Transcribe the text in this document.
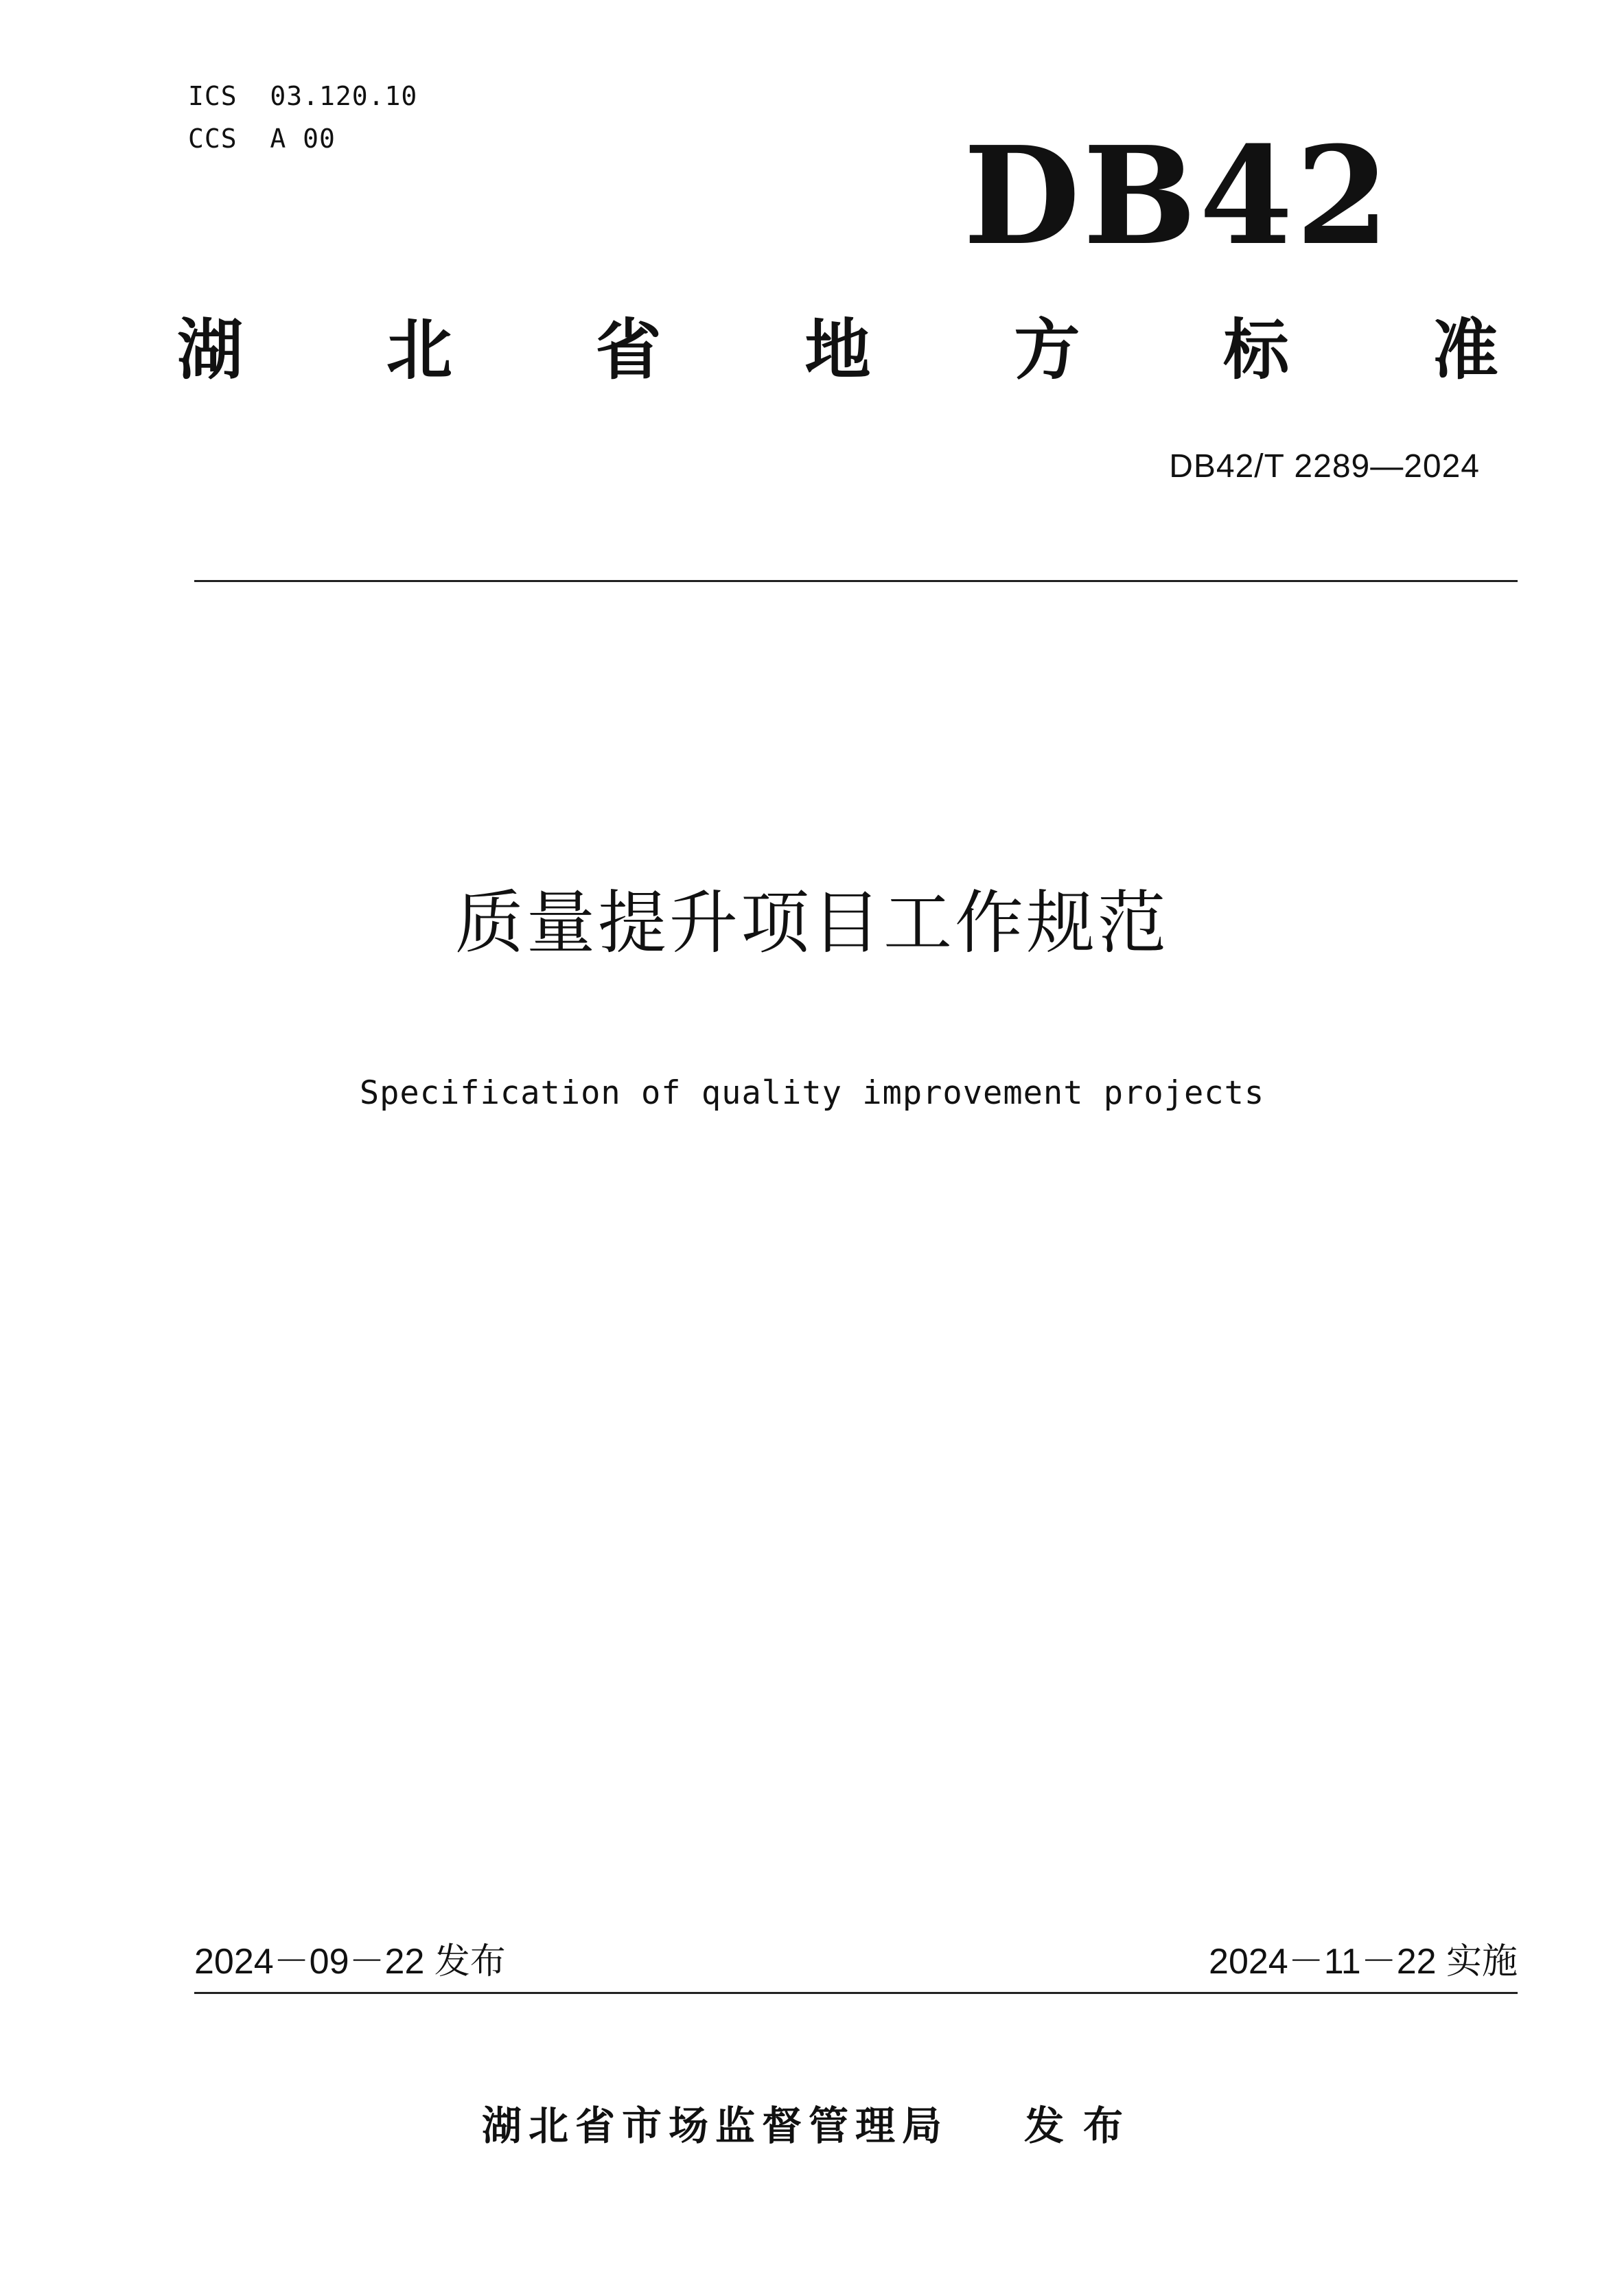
ICS  03.120.10
CCS  A 00	DB42
湖 北 省 地 方 标 准
DB42/T 2289—2024
质量提升项目工作规范
Specification of quality improvement projects
2024－09－22 发布	2024－11－22 实施
湖北省市场监督管理局 发布
